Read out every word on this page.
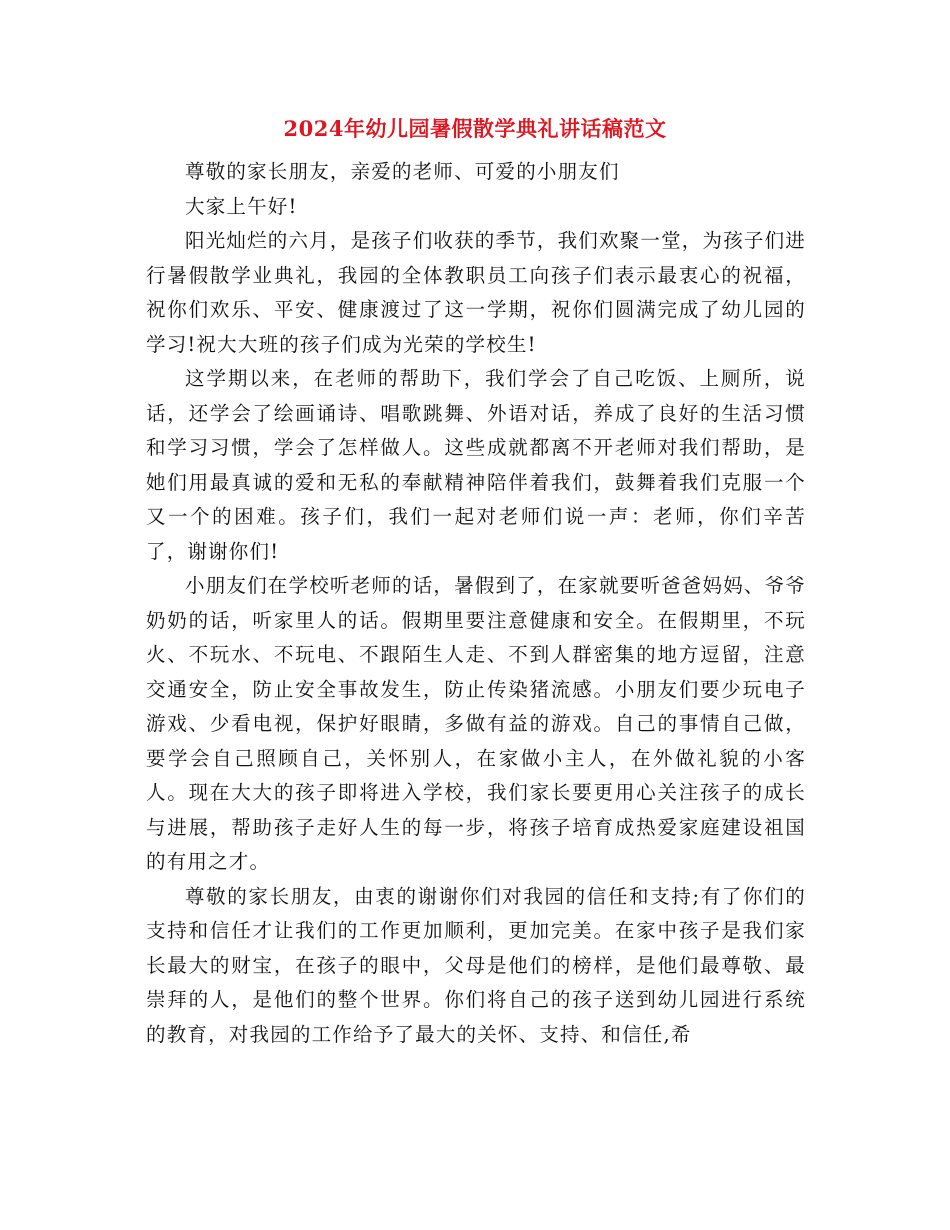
2024年幼儿园暑假散学典礼讲话稿范文

尊敬的家长朋友，亲爱的老师、可爱的小朋友们

大家上午好!

阳光灿烂的六月，是孩子们收获的季节，我们欢聚一堂，为孩子们进行暑假散学业典礼，我园的全体教职员工向孩子们表示最衷心的祝福，祝你们欢乐、平安、健康渡过了这一学期，祝你们圆满完成了幼儿园的学习!祝大大班的孩子们成为光荣的学校生!

这学期以来，在老师的帮助下，我们学会了自己吃饭、上厕所，说话，还学会了绘画诵诗、唱歌跳舞、外语对话，养成了良好的生活习惯和学习习惯，学会了怎样做人。这些成就都离不开老师对我们帮助，是她们用最真诚的爱和无私的奉献精神陪伴着我们，鼓舞着我们克服一个又一个的困难。孩子们，我们一起对老师们说一声：老师，你们辛苦了，谢谢你们!

小朋友们在学校听老师的话，暑假到了，在家就要听爸爸妈妈、爷爷奶奶的话，听家里人的话。假期里要注意健康和安全。在假期里，不玩火、不玩水、不玩电、不跟陌生人走、不到人群密集的地方逗留，注意交通安全，防止安全事故发生，防止传染猪流感。小朋友们要少玩电子游戏、少看电视，保护好眼睛，多做有益的游戏。自己的事情自己做，要学会自己照顾自己，关怀别人，在家做小主人，在外做礼貌的小客人。现在大大的孩子即将进入学校，我们家长要更用心关注孩子的成长与进展，帮助孩子走好人生的每一步，将孩子培育成热爱家庭建设祖国的有用之才。

尊敬的家长朋友，由衷的谢谢你们对我园的信任和支持;有了你们的支持和信任才让我们的工作更加顺利，更加完美。在家中孩子是我们家长最大的财宝，在孩子的眼中，父母是他们的榜样，是他们最尊敬、最崇拜的人，是他们的整个世界。你们将自己的孩子送到幼儿园进行系统的教育，对我园的工作给予了最大的关怀、支持、和信任,希
